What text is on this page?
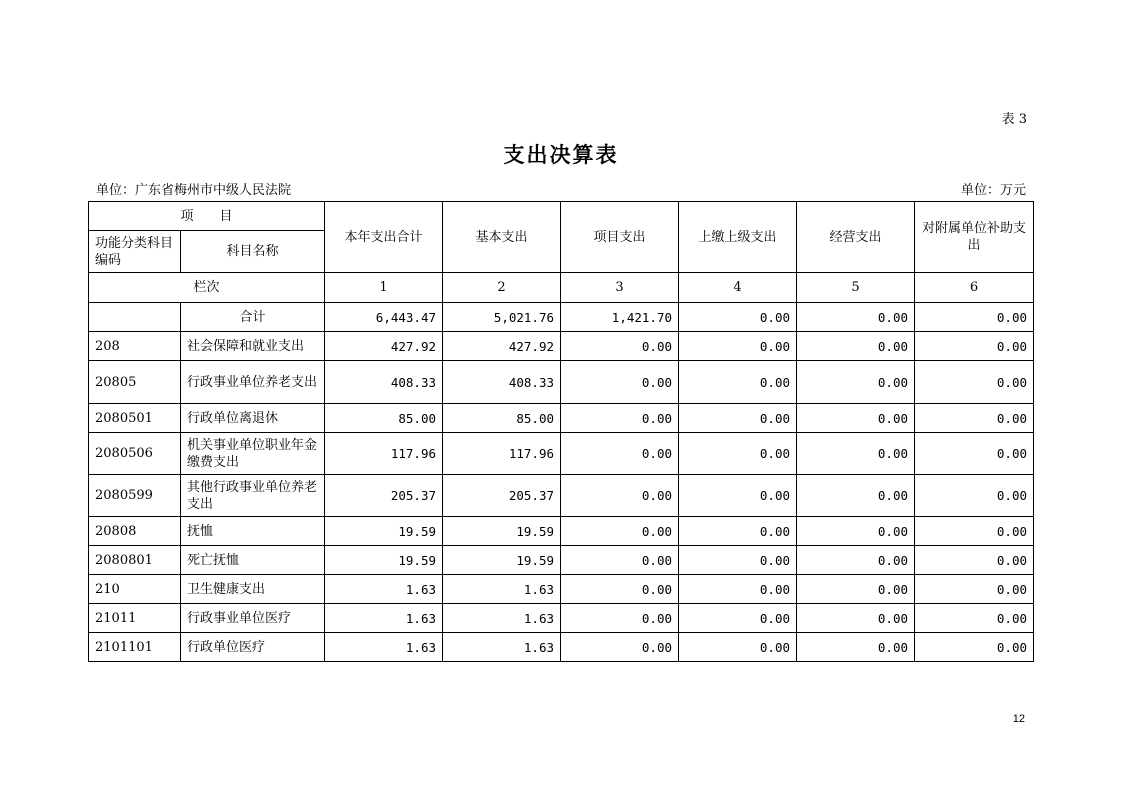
表 3
支出决算表
单位：广东省梅州市中级人民法院	单位：万元
项　　目		本年支出合计	基本支出	项目支出	上缴上级支出	经营支出	对附属单位补助支出
功能分类科目编码	科目名称						
栏次		1	2	3	4	5	6
	合计	6,443.47	5,021.76	1,421.70	0.00	0.00	0.00
208	社会保障和就业支出	427.92	427.92	0.00	0.00	0.00	0.00
20805	行政事业单位养老支出	408.33	408.33	0.00	0.00	0.00	0.00
2080501	行政单位离退休	85.00	85.00	0.00	0.00	0.00	0.00
2080506	机关事业单位职业年金缴费支出	117.96	117.96	0.00	0.00	0.00	0.00
2080599	其他行政事业单位养老支出	205.37	205.37	0.00	0.00	0.00	0.00
20808	抚恤	19.59	19.59	0.00	0.00	0.00	0.00
2080801	死亡抚恤	19.59	19.59	0.00	0.00	0.00	0.00
210	卫生健康支出	1.63	1.63	0.00	0.00	0.00	0.00
21011	行政事业单位医疗	1.63	1.63	0.00	0.00	0.00	0.00
2101101	行政单位医疗	1.63	1.63	0.00	0.00	0.00	0.00
12
